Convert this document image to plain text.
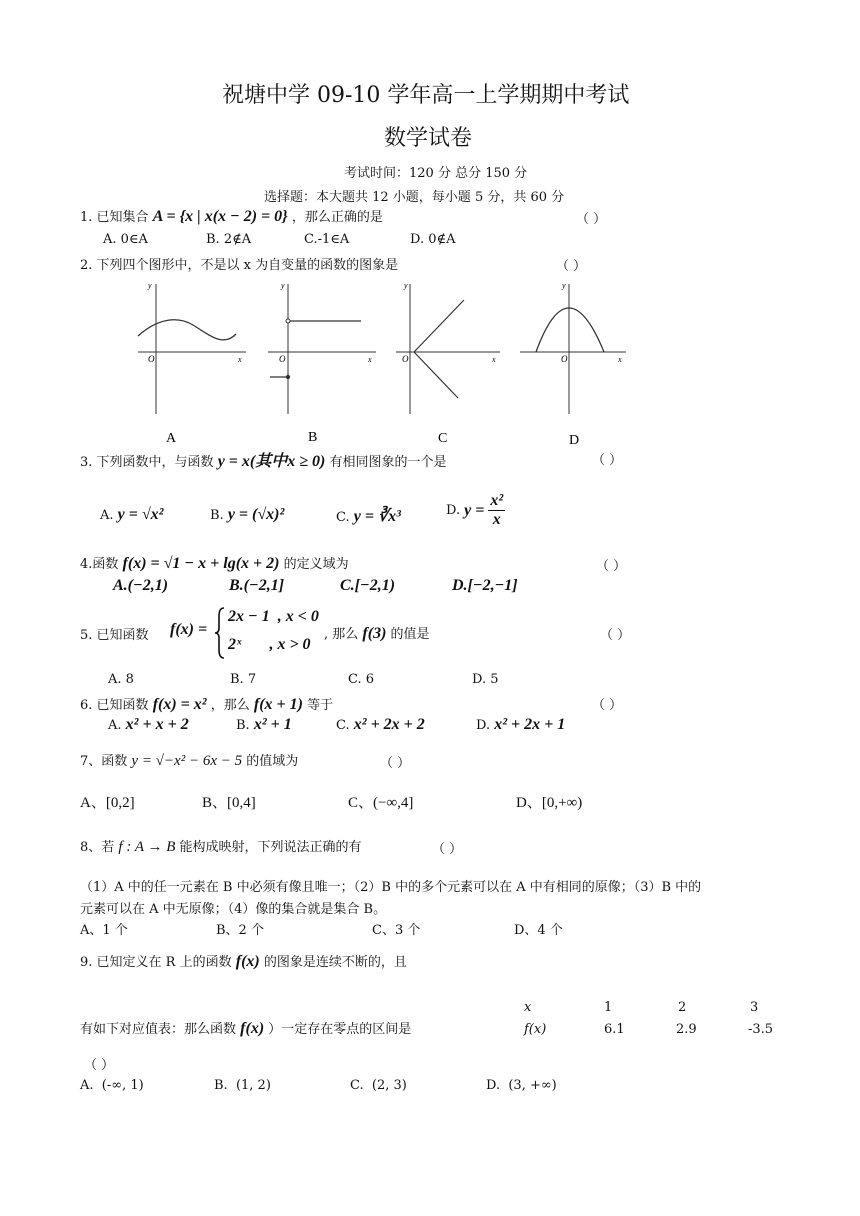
祝塘中学 09-10 学年高一上学期期中考试
数学试卷
考试时间：120 分 总分 150 分
选择题：本大题共 12 小题，每小题 5 分，共 60 分
1. 已知集合 A = {x | x(x − 2) = 0} ，那么正确的是	（ ）
A. 0∈A	B. 2∉A	C.-1∈A	D. 0∉A
2. 下列四个图形中，不是以 x 为自变量的函数的图象是	（ ）
y
O	x
y
O	x
y
O	x
y
O	x
A	B	C	D
3. 下列函数中，与函数 y = x(其中x ≥ 0) 有相同图象的一个是	（ ）
A. y = √x²	B. y = (√x)²	C. y = ∛x³	D. $y = \frac{\text{x²}}{x}$
4.函数 f(x) = √1 − x + lg(x + 2) 的定义域为	（ ）
A.(−2,1)	B.(−2,1]	C.[−2,1)	D.[−2,−1]
5. 已知函数 f(x) =
2x − 1  , x < 0
2ˣ       , x > 0
, 那么 f(3) 的值是	（ ）
A. 8	B. 7	C. 6	D. 5
6. 已知函数 f(x) = x² ，那么 f(x + 1) 等于	（ ）
A. x² + x + 2	B. x² + 1	C. x² + 2x + 2	D. x² + 2x + 1
7、函数 y = √−x² − 6x − 5 的值域为	（ ）
A、[0,2]	B、[0,4]	C、(−∞,4]	D、[0,+∞)
8、若 f : A → B 能构成映射，下列说法正确的有	（ ）
（1）A 中的任一元素在 B 中必须有像且唯一；（2）B 中的多个元素可以在 A 中有相同的原像；（3）B 中的
元素可以在 A 中无原像；（4）像的集合就是集合 B。
A、1 个	B、2 个	C、3 个	D、4 个
9. 已知定义在 R 上的函数 f(x) 的图象是连续不断的，且
有如下对应值表：那么函数 f(x) ）一定存在零点的区间是
x	1	2	3
f(x)	6.1	2.9	-3.5
（ ）
A.  (-∞, 1)	B.  (1, 2)	C.  (2, 3)	D.  (3, +∞)
